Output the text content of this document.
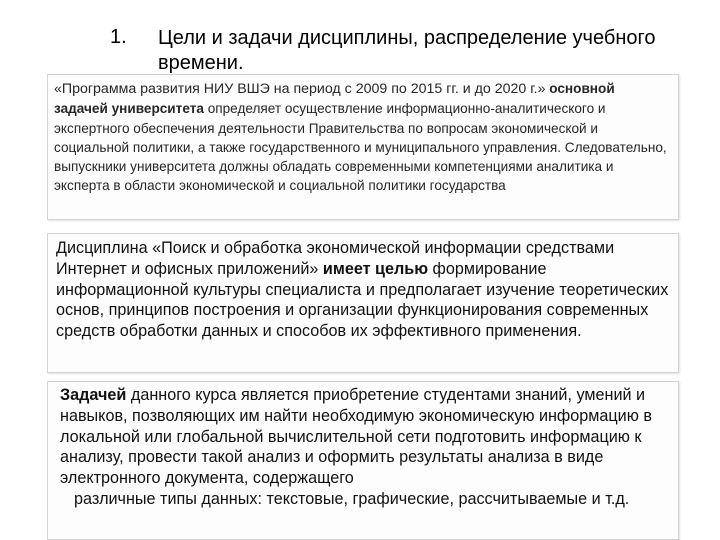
1. Цели и задачи дисциплины, распределение учебного времени.
«Программа развития НИУ ВШЭ на период с 2009 по 2015 гг. и до 2020 г.» основной задачей университета определяет осуществление информационно-аналитического и экспертного обеспечения деятельности Правительства по вопросам экономической и социальной политики, а также государственного и муниципального управления. Следовательно, выпускники университета должны обладать современными компетенциями аналитика и эксперта в области экономической и социальной политики государства
Дисциплина «Поиск и обработка экономической информации средствами Интернет и офисных приложений» имеет целью формирование информационной культуры специалиста и предполагает изучение теоретических основ, принципов построения и организации функционирования современных средств обработки данных и способов их эффективного применения.
Задачей данного курса является приобретение студентами знаний, умений и навыков, позволяющих им найти необходимую экономическую информацию в локальной или глобальной вычислительной сети подготовить информацию к анализу, провести такой анализ и оформить результаты анализа в виде электронного документа, содержащего
различные типы данных: текстовые, графические, рассчитываемые и т.д.
